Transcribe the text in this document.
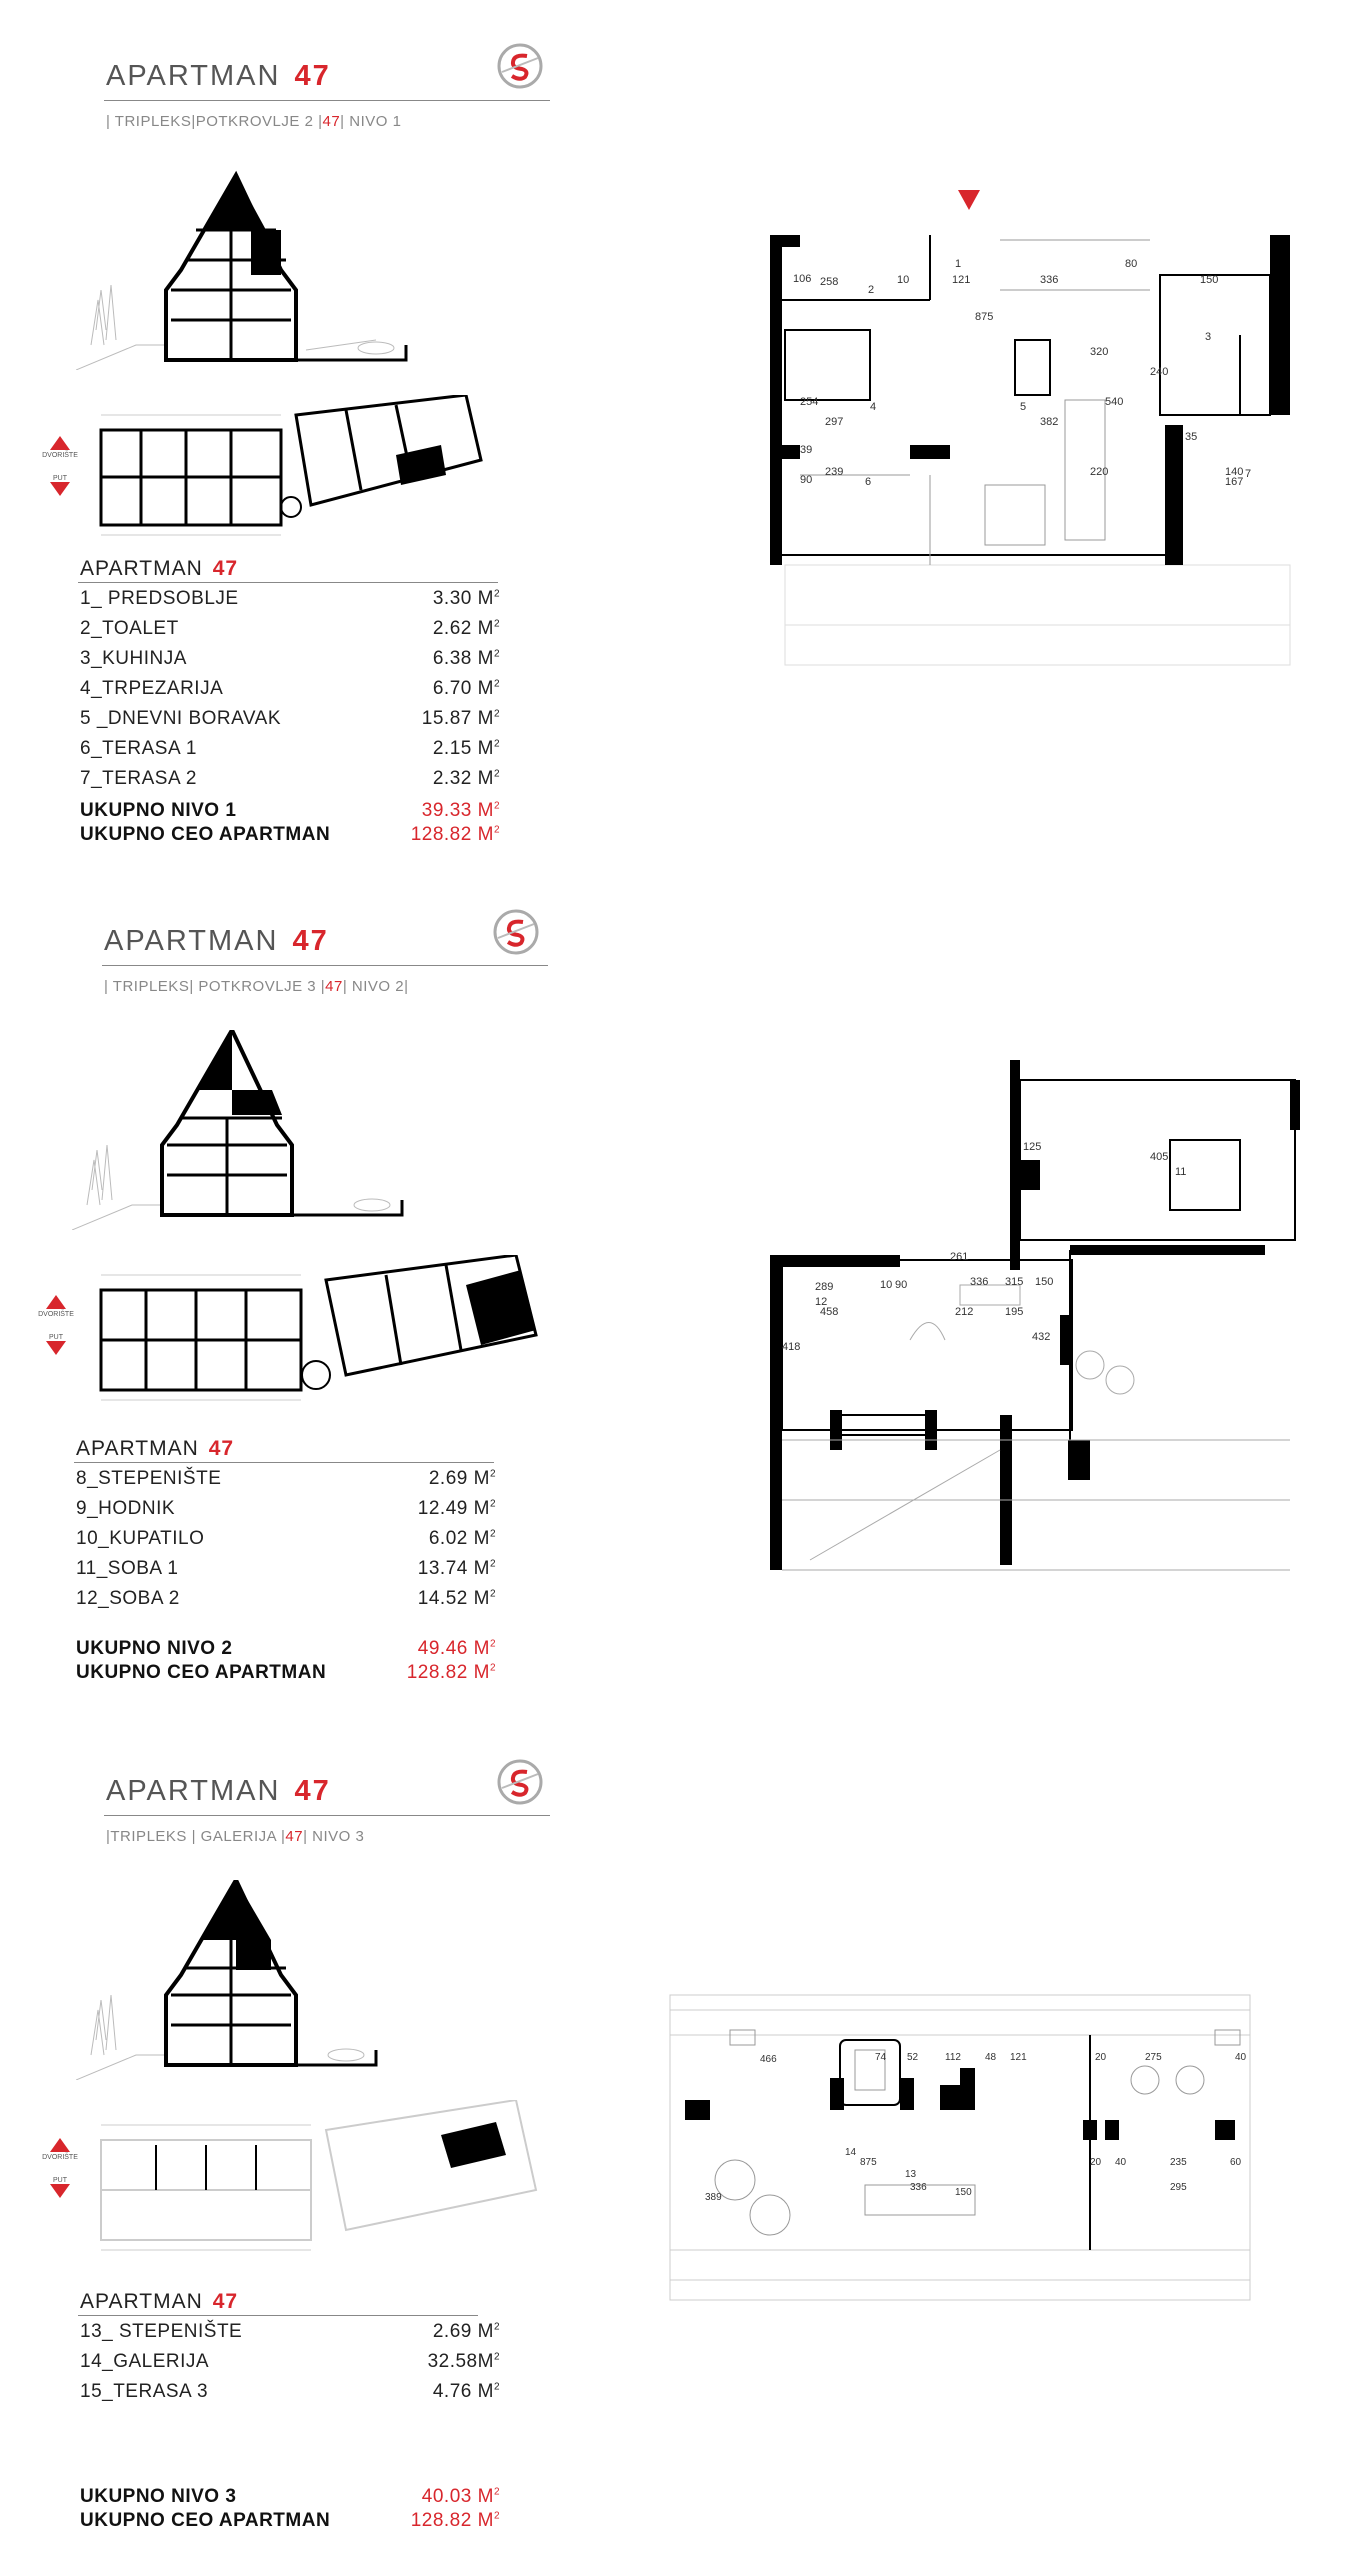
APARTMAN 47
| TRIPLEKS|POTKROVLJE 2 |47| NIVO 1
DVORIŠTE
PUT
APARTMAN 47
1_ PREDSOBLJE	3.30 $M^2$
2_TOALET	2.62 $M^2$
3_KUHINJA	6.38 $M^2$
4_TRPEZARIJA	6.70 $M^2$
5 _DNEVNI BORAVAK	15.87 $M^2$
6_TERASA 1	2.15 $M^2$
7_TERASA 2	2.32 $M^2$
UKUPNO NIVO 1	39.33 $M^2$
UKUPNO CEO APARTMAN	128.82 $M^2$
258
106
2
10
1
121	336
80
150
875
320
3
240
254	4	5	540
382
297
39
239
6
90
220	140
167
7
35
APARTMAN 47
| TRIPLEKS| POTKROVLJE 3 |47| NIVO 2|
DVORIŠTE
PUT
APARTMAN 47
8_STEPENIŠTE	2.69 $M^2$
9_HODNIK	12.49 $M^2$
10_KUPATILO	6.02 $M^2$
11_SOBA 1	13.74 $M^2$
12_SOBA 2	14.52 $M^2$
UKUPNO NIVO 2	49.46 $M^2$
UKUPNO CEO APARTMAN	128.82 $M^2$
405
11
261
289
12
10 90	336	150
458	212	195
418
432
125
315
APARTMAN 47
|TRIPLEKS | GALERIJA |47| NIVO 3
DVORIŠTE
PUT
APARTMAN 47
13_ STEPENIŠTE	2.69 $M^2$
14_GALERIJA	$32.58M^2$
15_TERASA 3	4.76 $M^2$
UKUPNO NIVO 3	40.03 $M^2$
UKUPNO CEO APARTMAN	128.82 $M^2$
466	74 52	112 48 121	20	275	40
14
875
13
336	150
389
235	60
295
40
20
